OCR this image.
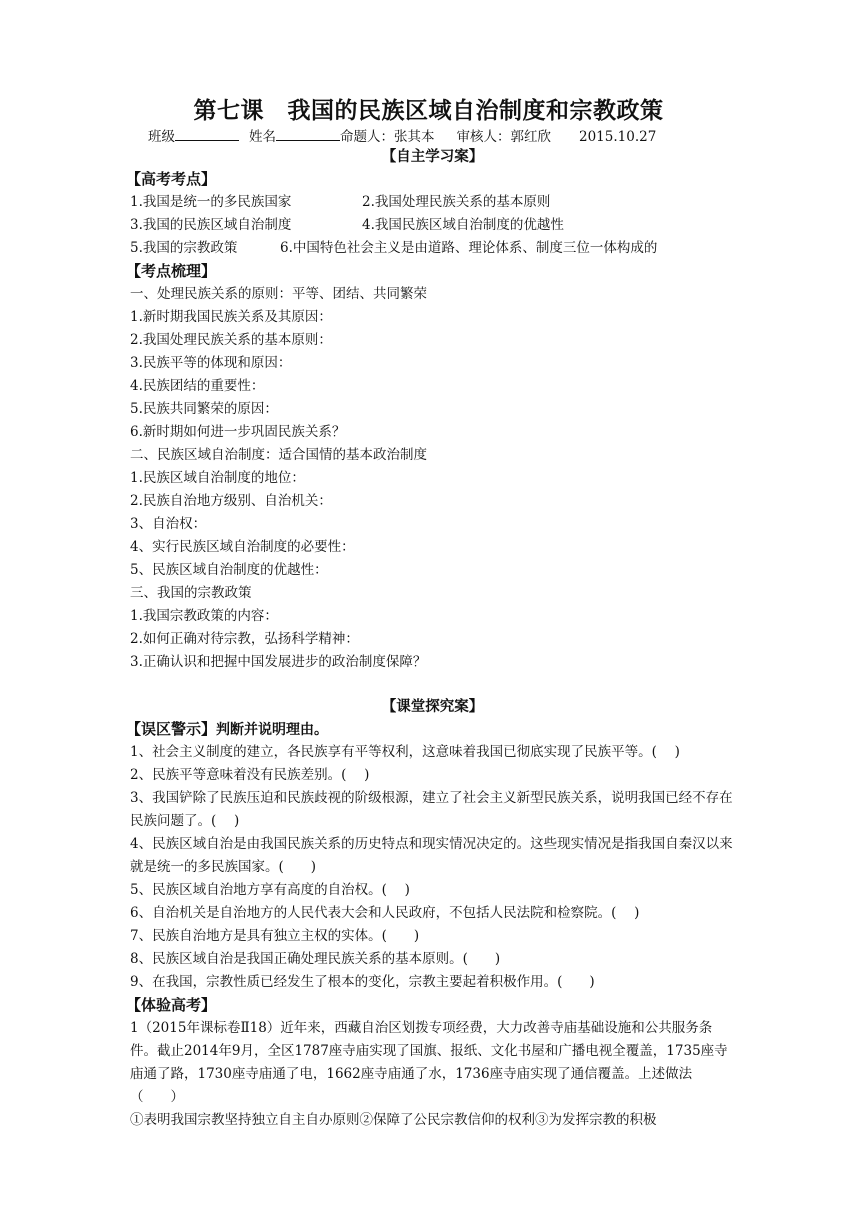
第七课　我国的民族区域自治制度和宗教政策
班级	姓名	命题人：张其本 审核人：郭红欣 2015.10.27
【自主学习案】
【高考考点】
1.我国是统一的多民族国家	2.我国处理民族关系的基本原则
3.我国的民族区域自治制度	4.我国民族区域自治制度的优越性
5.我国的宗教政策	6.中国特色社会主义是由道路、理论体系、制度三位一体构成的
【考点梳理】
一、处理民族关系的原则：平等、团结、共同繁荣
1.新时期我国民族关系及其原因：
2.我国处理民族关系的基本原则：
3.民族平等的体现和原因：
4.民族团结的重要性：
5.民族共同繁荣的原因：
6.新时期如何进一步巩固民族关系？
二、民族区域自治制度：适合国情的基本政治制度
1.民族区域自治制度的地位：
2.民族自治地方级别、自治机关：
3、自治权：
4、实行民族区域自治制度的必要性：
5、民族区域自治制度的优越性：
三、我国的宗教政策
1.我国宗教政策的内容：
2.如何正确对待宗教，弘扬科学精神：
3.正确认识和把握中国发展进步的政治制度保障？
【课堂探究案】
【误区警示】判断并说明理由。
1、社会主义制度的建立，各民族享有平等权利，这意味着我国已彻底实现了民族平等。(　 )
2、民族平等意味着没有民族差别。(　 )
3、我国铲除了民族压迫和民族歧视的阶级根源，建立了社会主义新型民族关系，说明我国已经不存在民族问题了。(　 )
4、民族区域自治是由我国民族关系的历史特点和现实情况决定的。这些现实情况是指我国自秦汉以来就是统一的多民族国家。(　　)
5、民族区域自治地方享有高度的自治权。(　 )
6、自治机关是自治地方的人民代表大会和人民政府，不包括人民法院和检察院。(　 )
7、民族自治地方是具有独立主权的实体。(　　)
8、民族区域自治是我国正确处理民族关系的基本原则。(　　)
9、在我国，宗教性质已经发生了根本的变化，宗教主要起着积极作用。(　　)
【体验高考】
1（2015年课标卷Ⅱ18）近年来，西藏自治区划拨专项经费，大力改善寺庙基础设施和公共服务条件。截止2014年9月，全区1787座寺庙实现了国旗、报纸、文化书屋和广播电视全覆盖，1735座寺庙通了路，1730座寺庙通了电，1662座寺庙通了水，1736座寺庙实现了通信覆盖。上述做法（　　）
①表明我国宗教坚持独立自主自办原则②保障了公民宗教信仰的权利③为发挥宗教的积极
